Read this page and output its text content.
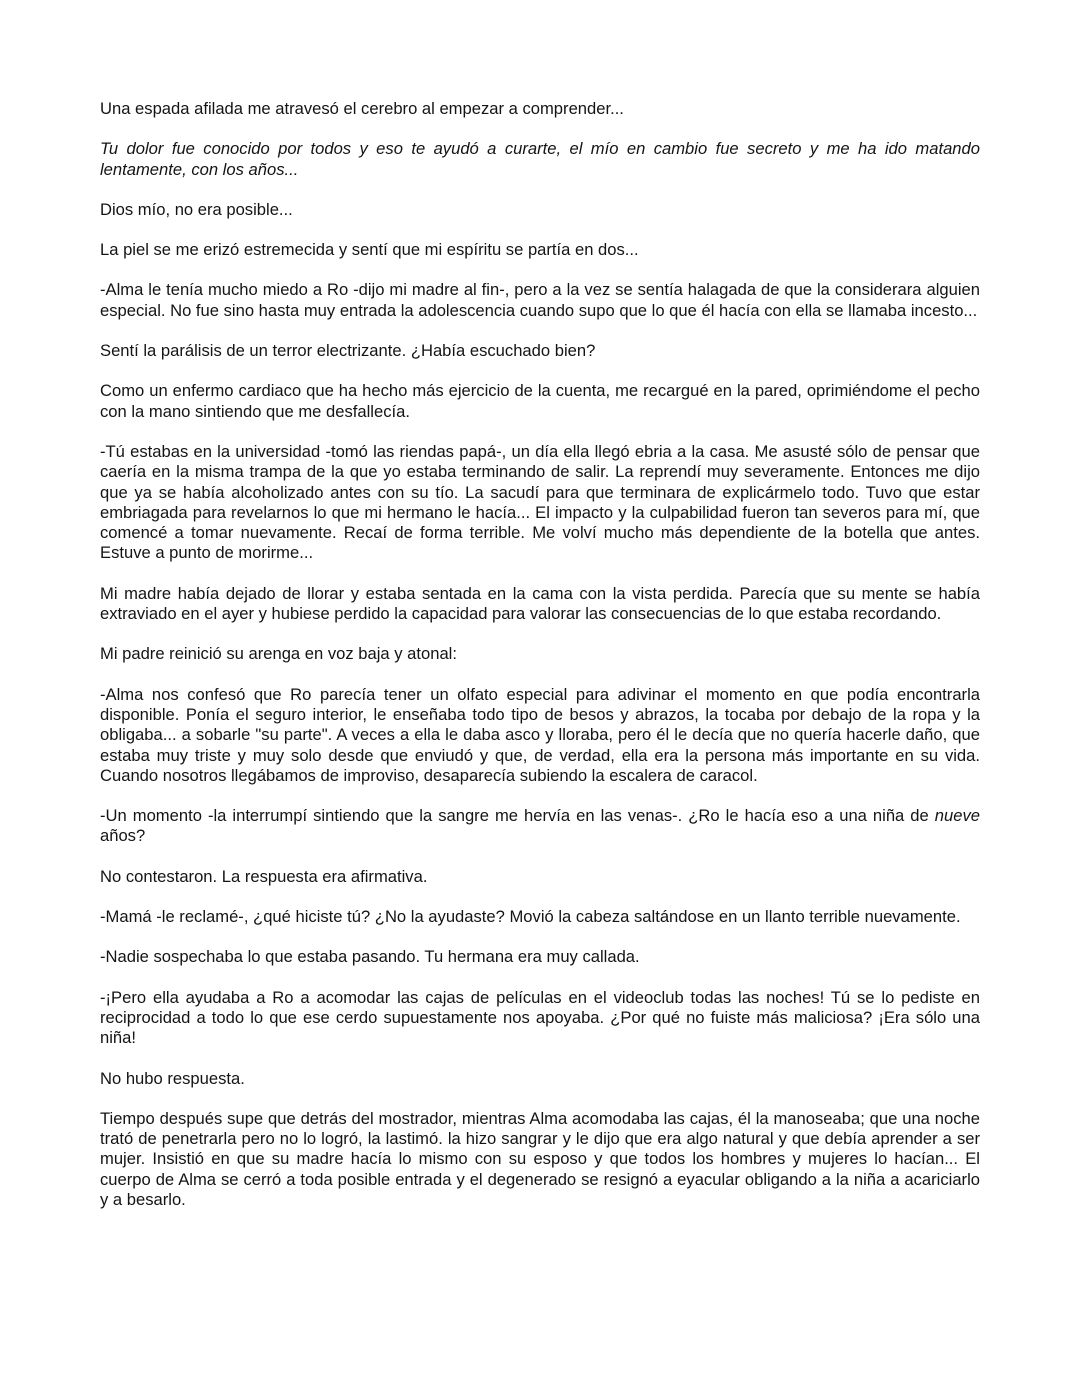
Una espada afilada me atravesó el cerebro al empezar a comprender...

Tu dolor fue conocido por todos y eso te ayudó a curarte, el mío en cambio fue secreto y me ha ido matando lentamente, con los años...

Dios mío, no era posible...

La piel se me erizó estremecida y sentí que mi espíritu se partía en dos...

-Alma le tenía mucho miedo a Ro -dijo mi madre al fin-, pero a la vez se sentía halagada de que la considerara alguien especial. No fue sino hasta muy entrada la adolescencia cuando supo que lo que él hacía con ella se llamaba incesto...

Sentí la parálisis de un terror electrizante. ¿Había escuchado bien?

Como un enfermo cardiaco que ha hecho más ejercicio de la cuenta, me recargué en la pared, oprimiéndome el pecho con la mano sintiendo que me desfallecía.

-Tú estabas en la universidad -tomó las riendas papá-, un día ella llegó ebria a la casa. Me asusté sólo de pensar que caería en la misma trampa de la que yo estaba terminando de salir. La reprendí muy severamente. Entonces me dijo que ya se había alcoholizado antes con su tío. La sacudí para que terminara de explicármelo todo. Tuvo que estar embriagada para revelarnos lo que mi hermano le hacía... El impacto y la culpabilidad fueron tan severos para mí, que comencé a tomar nuevamente. Recaí de forma terrible. Me volví mucho más dependiente de la botella que antes. Estuve a punto de morirme...

Mi madre había dejado de llorar y estaba sentada en la cama con la vista perdida. Parecía que su mente se había extraviado en el ayer y hubiese perdido la capacidad para valorar las consecuencias de lo que estaba recordando.

Mi padre reinició su arenga en voz baja y atonal:

-Alma nos confesó que Ro parecía tener un olfato especial para adivinar el momento en que podía encontrarla disponible. Ponía el seguro interior, le enseñaba todo tipo de besos y abrazos, la tocaba por debajo de la ropa y la obligaba... a sobarle "su parte". A veces a ella le daba asco y lloraba, pero él le decía que no quería hacerle daño, que estaba muy triste y muy solo desde que enviudó y que, de verdad, ella era la persona más importante en su vida. Cuando nosotros llegábamos de improviso, desaparecía subiendo la escalera de caracol.

-Un momento -la interrumpí sintiendo que la sangre me hervía en las venas-. ¿Ro le hacía eso a una niña de nueve años?

No contestaron. La respuesta era afirmativa.

-Mamá -le reclamé-, ¿qué hiciste tú? ¿No la ayudaste? Movió la cabeza saltándose en un llanto terrible nuevamente.

-Nadie sospechaba lo que estaba pasando. Tu hermana era muy callada.

-¡Pero ella ayudaba a Ro a acomodar las cajas de películas en el videoclub todas las noches! Tú se lo pediste en reciprocidad a todo lo que ese cerdo supuestamente nos apoyaba. ¿Por qué no fuiste más maliciosa? ¡Era sólo una niña!

No hubo respuesta.

Tiempo después supe que detrás del mostrador, mientras Alma acomodaba las cajas, él la manoseaba; que una noche trató de penetrarla pero no lo logró, la lastimó. la hizo sangrar y le dijo que era algo natural y que debía aprender a ser mujer. Insistió en que su madre hacía lo mismo con su esposo y que todos los hombres y mujeres lo hacían... El cuerpo de Alma se cerró a toda posible entrada y el degenerado se resignó a eyacular obligando a la niña a acariciarlo y a besarlo.
